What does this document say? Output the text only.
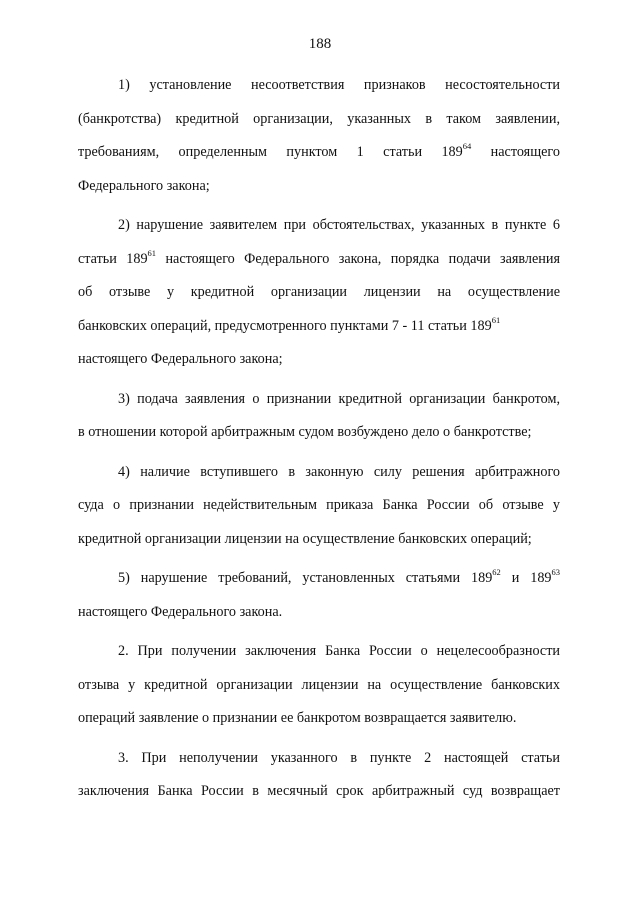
188
1) установление несоответствия признаков несостоятельности
(банкротства) кредитной организации, указанных в таком заявлении,
требованиям, определенным пунктом 1 статьи $189^{64}$ настоящего
Федерального закона;
2) нарушение заявителем при обстоятельствах, указанных в пункте 6
статьи $189^{61}$ настоящего Федерального закона, порядка подачи заявления
об отзыве у кредитной организации лицензии на осуществление
банковских операций, предусмотренного пунктами 7 - 11 статьи $189^{61}$
настоящего Федерального закона;
3) подача заявления о признании кредитной организации банкротом,
в отношении которой арбитражным судом возбуждено дело о банкротстве;
4) наличие вступившего в законную силу решения арбитражного
суда о признании недействительным приказа Банка России об отзыве у
кредитной организации лицензии на осуществление банковских операций;
5) нарушение требований, установленных статьями $189^{62}$ и $189^{63}$
настоящего Федерального закона.
2. При получении заключения Банка России о нецелесообразности
отзыва у кредитной организации лицензии на осуществление банковских
операций заявление о признании ее банкротом возвращается заявителю.
3. При неполучении указанного в пункте 2 настоящей статьи
заключения Банка России в месячный срок арбитражный суд возвращает
